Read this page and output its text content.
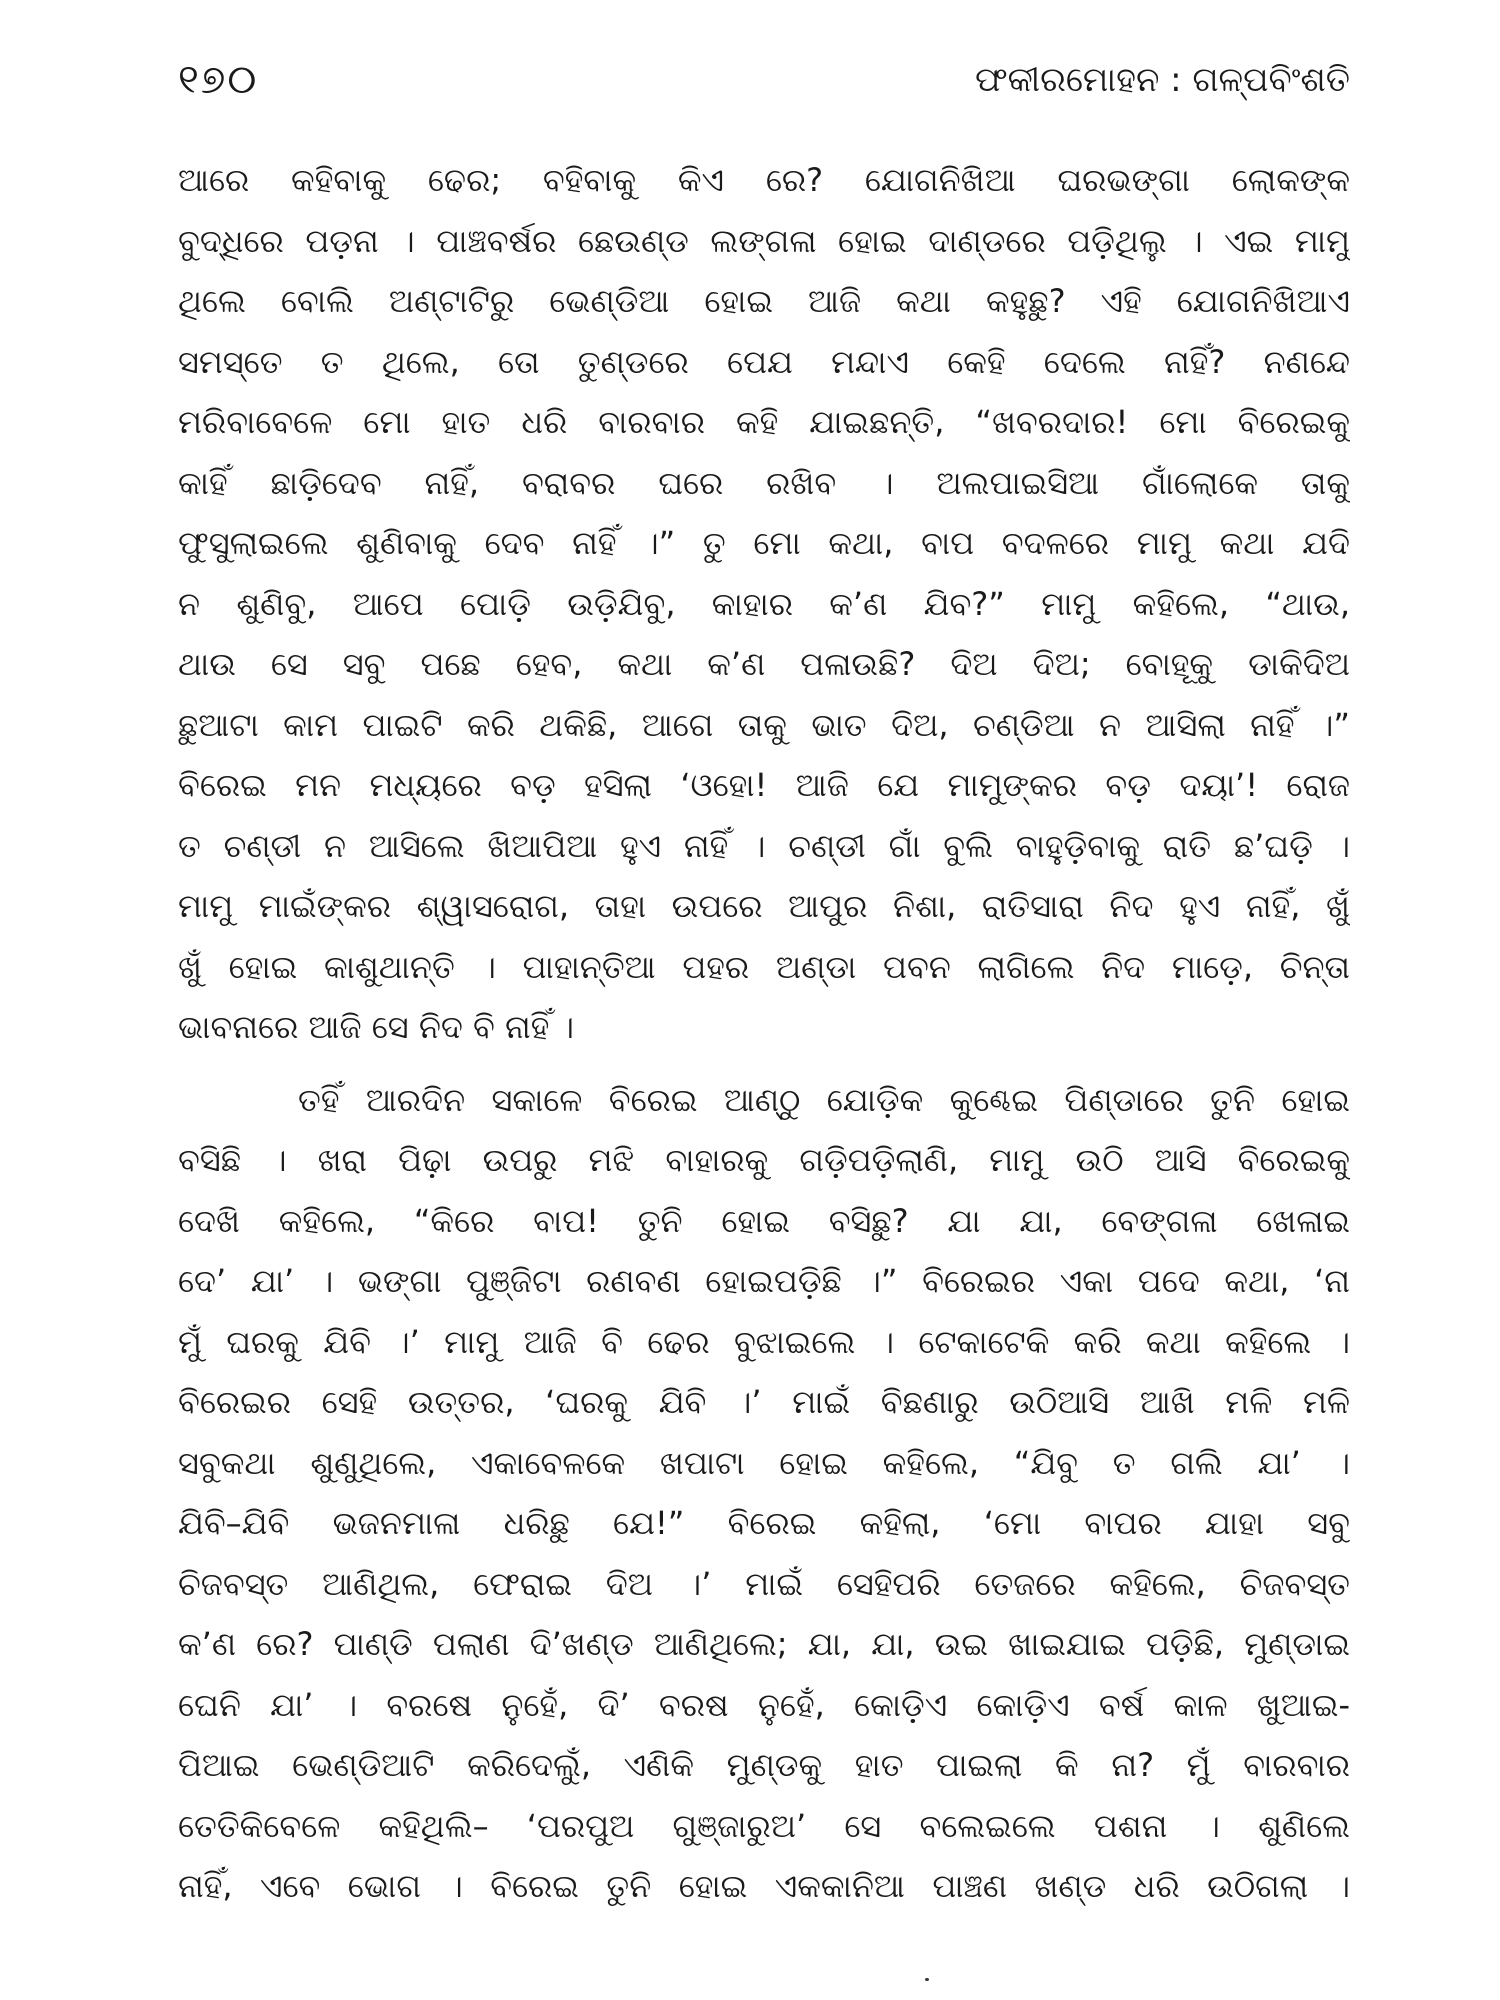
୧୭୦	ଫକୀରମୋହନ : ଗଳ୍ପବିଂଶତି
ଆରେ କହିବାକୁ ଢେର; ବହିବାକୁ କିଏ ରେ? ଯୋଗନିଖିଆ ଘରଭଙ୍ଗା ଲୋକଙ୍କ
ବୁଦ୍ଧିରେ ପଡ଼ନା । ପାଞ୍ଚବର୍ଷର ଛେଉଣ୍ଡ ଲଙ୍ଗଳା ହୋଇ ଦାଣ୍ଡରେ ପଡ଼ିଥିଲୁ । ଏଇ ମାମୁ
ଥିଲେ ବୋଲି ଅଣ୍ଟାଟିରୁ ଭେଣ୍ଡିଆ ହୋଇ ଆଜି କଥା କହୁଛୁ? ଏହି ଯୋଗନିଖିଆଏ
ସମସ୍ତେ ତ ଥିଲେ, ତୋ ତୁଣ୍ଡରେ ପେଯ ମନ୍ଦାଏ କେହି ଦେଲେ ନାହିଁ? ନଣନ୍ଦେ
ମରିବାବେଳେ ମୋ ହାତ ଧରି ବାରବାର କହି ଯାଇଛନ୍ତି, “ଖବରଦାର! ମୋ ବିରେଇକୁ
କାହିଁ ଛାଡ଼ିଦେବ ନାହିଁ, ବରାବର ଘରେ ରଖିବ । ଅଲପାଇସିଆ ଗାଁଲୋକେ ତାକୁ
ଫୁସୁଲାଇଲେ ଶୁଣିବାକୁ ଦେବ ନାହିଁ ।” ତୁ ମୋ କଥା, ବାପ ବଦଳରେ ମାମୁ କଥା ଯଦି
ନ ଶୁଣିବୁ, ଆପେ ପୋଡ଼ି ଉଡ଼ିଯିବୁ, କାହାର କ’ଣ ଯିବ?” ମାମୁ କହିଲେ, “ଥାଉ,
ଥାଉ ସେ ସବୁ ପଛେ ହେବ, କଥା କ’ଣ ପଳାଉଛି? ଦିଅ ଦିଅ; ବୋହୂକୁ ଡାକିଦିଅ
ଛୁଆଟା କାମ ପାଇଟି କରି ଥକିଛି, ଆଗେ ତାକୁ ଭାତ ଦିଅ, ଚଣ୍ଡିଆ ନ ଆସିଲା ନାହିଁ ।”
ବିରେଇ ମନ ମଧ୍ୟରେ ବଡ଼ ହସିଲା ‘ଓହୋ! ଆଜି ଯେ ମାମୁଙ୍କର ବଡ଼ ଦୟା’! ରୋଜ
ତ ଚଣ୍ଡୀ ନ ଆସିଲେ ଖିଆପିଆ ହୁଏ ନାହିଁ । ଚଣ୍ଡୀ ଗାଁ ବୁଲି ବାହୁଡ଼ିବାକୁ ରାତି ଛ’ଘଡ଼ି ।
ମାମୁ ମାଇଁଙ୍କର ଶ୍ୱାସରୋଗ, ତାହା ଉପରେ ଆପୁର ନିଶା, ରାତିସାରା ନିଦ ହୁଏ ନାହିଁ, ଖୁଁ
ଖୁଁ ହୋଇ କାଶୁଥାନ୍ତି । ପାହାନ୍ତିଆ ପହର ଅଣ୍ଡା ପବନ ଲାଗିଲେ ନିଦ ମାଡ଼େ, ଚିନ୍ତା
ଭାବନାରେ ଆଜି ସେ ନିଦ ବି ନାହିଁ ।
ତହିଁ ଆରଦିନ ସକାଳେ ବିରେଇ ଆଣ୍ଠୁ ଯୋଡ଼ିକ କୁଣ୍ଢେଇ ପିଣ୍ଡାରେ ତୁନି ହୋଇ
ବସିଛି । ଖରା ପିଢ଼ା ଉପରୁ ମଝି ବାହାରକୁ ଗଡ଼ିପଡ଼ିଲାଣି, ମାମୁ ଉଠି ଆସି ବିରେଇକୁ
ଦେଖି କହିଲେ, “କିରେ ବାପ! ତୁନି ହୋଇ ବସିଛୁ? ଯା ଯା, ବେଙ୍ଗଳା ଖେଳାଇ
ଦେ’ ଯା’ । ଭଙ୍ଗା ପୁଞ୍ଜିଟା ରଣବଣ ହୋଇପଡ଼ିଛି ।” ବିରେଇର ଏକା ପଦେ କଥା, ‘ନା
ମୁଁ ଘରକୁ ଯିବି ।’ ମାମୁ ଆଜି ବି ଢେର ବୁଝାଇଲେ । ଟେକାଟେକି କରି କଥା କହିଲେ ।
ବିରେଇର ସେହି ଉତ୍ତର, ‘ଘରକୁ ଯିବି ।’ ମାଇଁ ବିଛଣାରୁ ଉଠିଆସି ଆଖି ମଳି ମଳି
ସବୁକଥା ଶୁଣୁଥିଲେ, ଏକାବେଳକେ ଖପାଟା ହୋଇ କହିଲେ, “ଯିବୁ ତ ଗଲି ଯା’ ।
ଯିବି–ଯିବି ଭଜନମାଳା ଧରିଛୁ ଯେ!” ବିରେଇ କହିଲା, ‘ମୋ ବାପର ଯାହା ସବୁ
ଚିଜବସ୍ତ ଆଣିଥିଲ, ଫେରାଇ ଦିଅ ।’ ମାଇଁ ସେହିପରି ତେଜରେ କହିଲେ, ଚିଜବସ୍ତ
କ’ଣ ରେ? ପାଣ୍ଡି ପଲାଣ ଦି’ଖଣ୍ଡ ଆଣିଥିଲେ; ଯା, ଯା, ଉଇ ଖାଇଯାଇ ପଡ଼ିଛି, ମୁଣ୍ଡାଇ
ଘେନି ଯା’ । ବରଷେ ନୁହେଁ, ଦି’ ବରଷ ନୁହେଁ, କୋଡ଼ିଏ କୋଡ଼ିଏ ବର୍ଷ କାଳ ଖୁଆଇ-
ପିଆଇ ଭେଣ୍ଡିଆଟି କରିଦେଲୁଁ, ଏଣିକି ମୁଣ୍ଡକୁ ହାତ ପାଇଲା କି ନା? ମୁଁ ବାରବାର
ତେତିକିବେଳେ କହିଥିଲି– ‘ପରପୁଅ ଗୁଞ୍ଜାରୁଅ’ ସେ ବଲେଇଲେ ପଶନା । ଶୁଣିଲେ
ନାହିଁ, ଏବେ ଭୋଗ । ବିରେଇ ତୁନି ହୋଇ ଏକକାନିଆ ପାଞ୍ଚଣ ଖଣ୍ଡ ଧରି ଉଠିଗଲା ।
